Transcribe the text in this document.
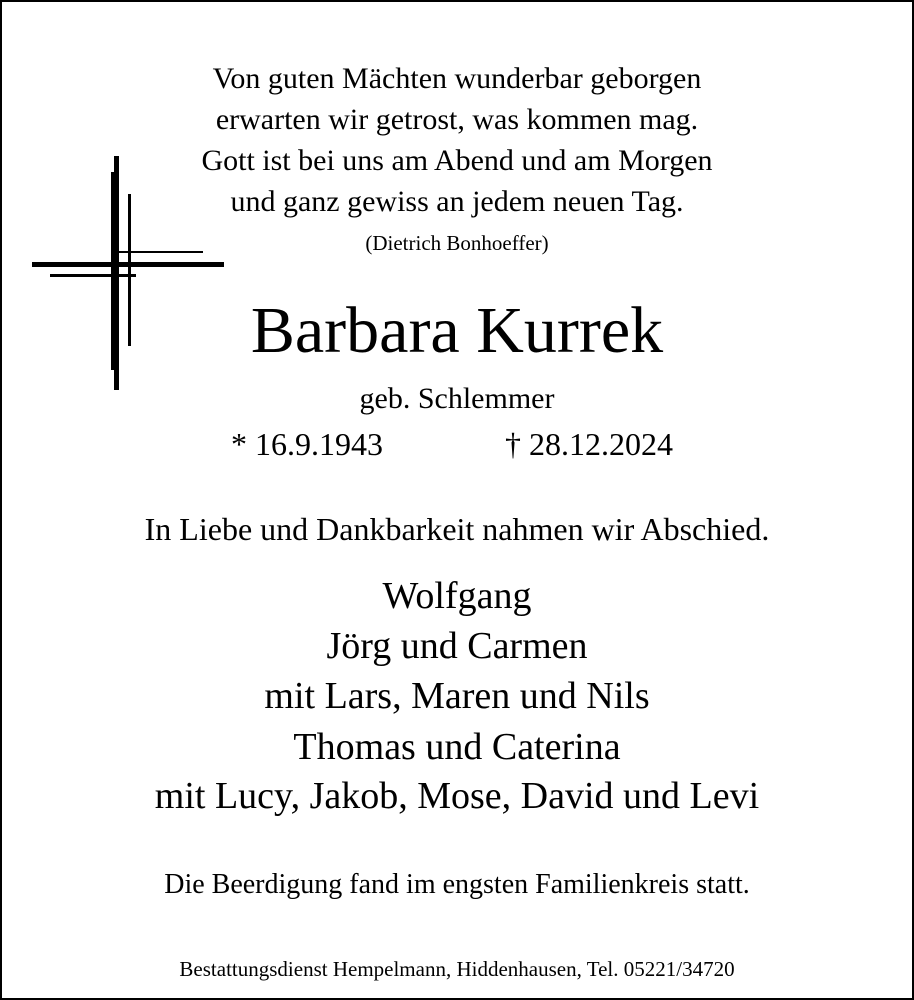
Von guten Mächten wunderbar geborgen
erwarten wir getrost, was kommen mag.
Gott ist bei uns am Abend und am Morgen
und ganz gewiss an jedem neuen Tag.
(Dietrich Bonhoeffer)
Barbara Kurrek
geb. Schlemmer
* 16.9.1943	† 28.12.2024
In Liebe und Dankbarkeit nahmen wir Abschied.
Wolfgang
Jörg und Carmen
mit Lars, Maren und Nils
Thomas und Caterina
mit Lucy, Jakob, Mose, David und Levi
Die Beerdigung fand im engsten Familienkreis statt.
Bestattungsdienst Hempelmann, Hiddenhausen, Tel. 05221/34720
